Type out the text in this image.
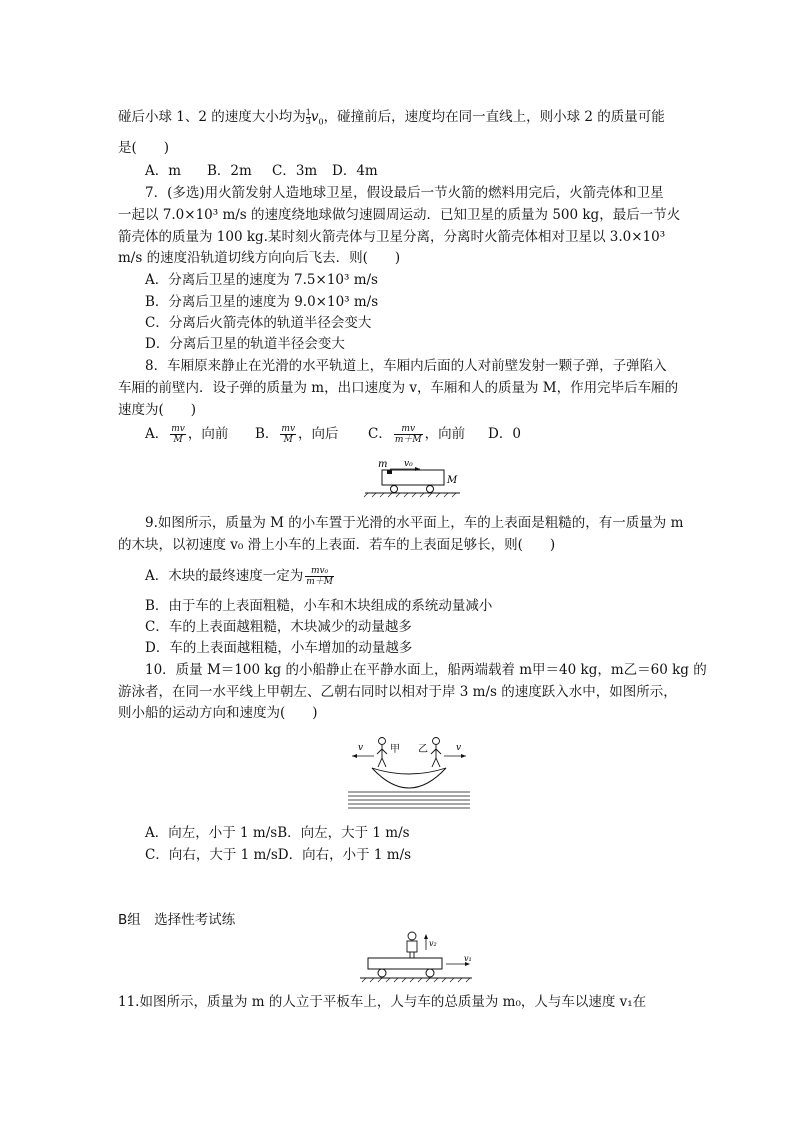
碰后小球 1、2 的速度大小均为 $\frac{1}{3}v_0$，碰撞前后，速度均在同一直线上，则小球 2 的质量可能
是(　　)
A．m B．2m C．3m D．4m
7．(多选)用火箭发射人造地球卫星，假设最后一节火箭的燃料用完后，火箭壳体和卫星
一起以 7.0×10³ m/s 的速度绕地球做匀速圆周运动．已知卫星的质量为 500 kg，最后一节火
箭壳体的质量为 100 kg.某时刻火箭壳体与卫星分离，分离时火箭壳体相对卫星以 3.0×10³
m/s 的速度沿轨道切线方向向后飞去．则(　　)
A．分离后卫星的速度为 7.5×10³ m/s
B．分离后卫星的速度为 9.0×10³ m/s
C．分离后火箭壳体的轨道半径会变大
D．分离后卫星的轨道半径会变大
8．车厢原来静止在光滑的水平轨道上，车厢内后面的人对前壁发射一颗子弹，子弹陷入
车厢的前壁内．设子弹的质量为 m，出口速度为 v，车厢和人的质量为 M，作用完毕后车厢的
速度为(　　)
A． $\frac{mv}{M}$ ，向前 B． $\frac{mv}{M}$ ，向后 C． $\frac{mv}{m+M}$ ，向前 D．0
m v₀
M
9.如图所示，质量为 M 的小车置于光滑的水平面上，车的上表面是粗糙的，有一质量为 m
的木块，以初速度 v₀ 滑上小车的上表面．若车的上表面足够长，则(　　)
A．木块的最终速度一定为 $\frac{\text{mv₀}}{m+M}$
B．由于车的上表面粗糙，小车和木块组成的系统动量减小
C．车的上表面越粗糙，木块减少的动量越多
D．车的上表面越粗糙，小车增加的动量越多
10．质量 M＝100 kg 的小船静止在平静水面上，船两端载着 m甲＝40 kg，m乙＝60 kg 的
游泳者，在同一水平线上甲朝左、乙朝右同时以相对于岸 3 m/s 的速度跃入水中，如图所示，
则小船的运动方向和速度为(　　)
v	甲 乙	v
A．向左，小于 1 m/sB．向左，大于 1 m/s
C．向右，大于 1 m/sD．向右，小于 1 m/s
B组　选择性考试练
v₂
v₁
11.如图所示，质量为 m 的人立于平板车上，人与车的总质量为 m₀，人与车以速度 v₁在
